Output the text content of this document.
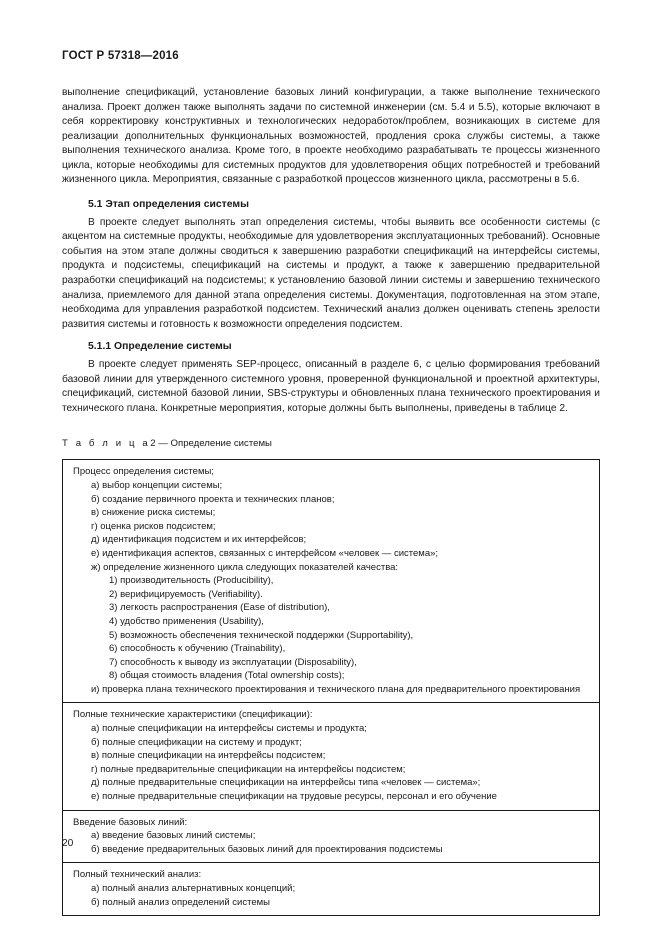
ГОСТ Р 57318—2016

выполнение спецификаций, установление базовых линий конфигурации, а также выполнение технического анализа. Проект должен также выполнять задачи по системной инженерии (см. 5.4 и 5.5), которые включают в себя корректировку конструктивных и технологических недоработок/проблем, возникающих в системе для реализации дополнительных функциональных возможностей, продления срока службы системы, а также выполнения технического анализа. Кроме того, в проекте необходимо разрабатывать те процессы жизненного цикла, которые необходимы для системных продуктов для удовлетворения общих потребностей и требований жизненного цикла. Мероприятия, связанные с разработкой процессов жизненного цикла, рассмотрены в 5.6.

5.1 Этап определения системы

В проекте следует выполнять этап определения системы, чтобы выявить все особенности системы (с акцентом на системные продукты, необходимые для удовлетворения эксплуатационных требований). Основные события на этом этапе должны сводиться к завершению разработки спецификаций на интерфейсы системы, продукта и подсистемы, спецификаций на системы и продукт, а также к завершению предварительной разработки спецификаций на подсистемы; к установлению базовой линии системы и завершению технического анализа, приемлемого для данной этапа определения системы. Документация, подготовленная на этом этапе, необходима для управления разработкой подсистем. Технический анализ должен оценивать степень зрелости развития системы и готовность к возможности определения подсистем.

5.1.1 Определение системы

В проекте следует применять SEP-процесс, описанный в разделе 6, с целью формирования требований базовой линии для утвержденного системного уровня, проверенной функциональной и проектной архитектуры, спецификаций, системной базовой линии, SBS-структуры и обновленных плана технического проектирования и технического плана. Конкретные мероприятия, которые должны быть выполнены, приведены в таблице 2.

Т а б л и ц а2 — Определение системы
Процесс определения системы;
а) выбор концепции системы;
б) создание первичного проекта и технических планов;
в) снижение риска системы;
г) оценка рисков подсистем;
д) идентификация подсистем и их интерфейсов;
е) идентификация аспектов, связанных с интерфейсом «человек — система»;
ж) определение жизненного цикла следующих показателей качества:
1) производительность (Producibility),
2) верифицируемость (Verifiability).
3) легкость распространения (Ease of distribution),
4) удобство применения (Usability),
5) возможность обеспечения технической поддержки (Supportability),
6) способность к обучению (Trainability),
7) способность к выводу из эксплуатации (Disposability),
8) общая стоимость владения (Total ownership costs);
и) проверка плана технического проектирования и технического плана для предварительного проектирования
Полные технические характеристики (спецификации):
а) полные спецификации на интерфейсы системы и продукта;
б) полные спецификации на систему и продукт;
в) полные спецификации на интерфейсы подсистем;
г) полные предварительные спецификации на интерфейсы подсистем;
д) полные предварительные спецификации на интерфейсы типа «человек — система»;
е) полные предварительные спецификации на трудовые ресурсы, персонал и его обучение
Введение базовых линий:
а) введение базовых линий системы;
б) введение предварительных базовых линий для проектирования подсистемы
Полный технический анализ:
а) полный анализ альтернативных концепций;
б) полный анализ определений системы
20
